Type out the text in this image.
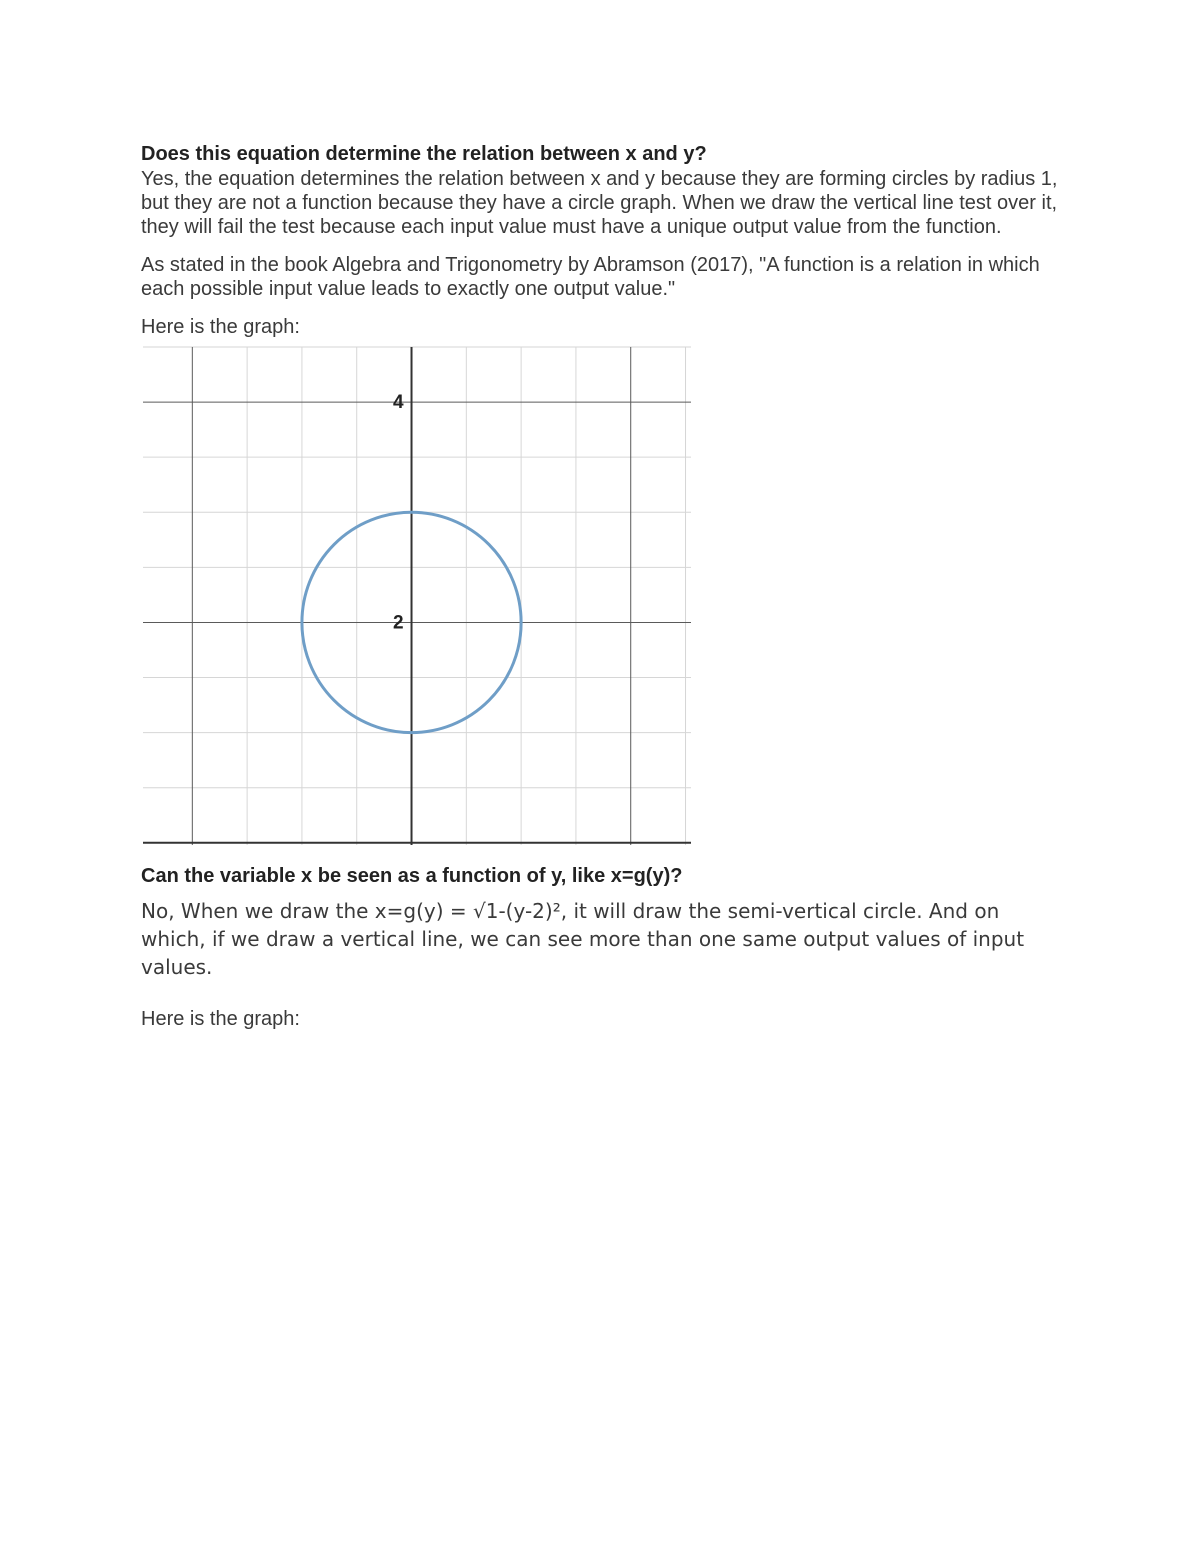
Does this equation determine the relation between x and y?

Yes, the equation determines the relation between x and y because they are forming circles by radius 1, but they are not a function because they have a circle graph. When we draw the vertical line test over it, they will fail the test because each input value must have a unique output value from the function.

As stated in the book Algebra and Trigonometry by Abramson (2017), "A function is a relation in which each possible input value leads to exactly one output value."

Here is the graph:

4
2

Can the variable x be seen as a function of y, like x=g(y)?

No, When we draw the x=g(y) = √1-(y-2)², it will draw the semi-vertical circle. And on which, if we draw a vertical line, we can see more than one same output values of input values.

Here is the graph:
